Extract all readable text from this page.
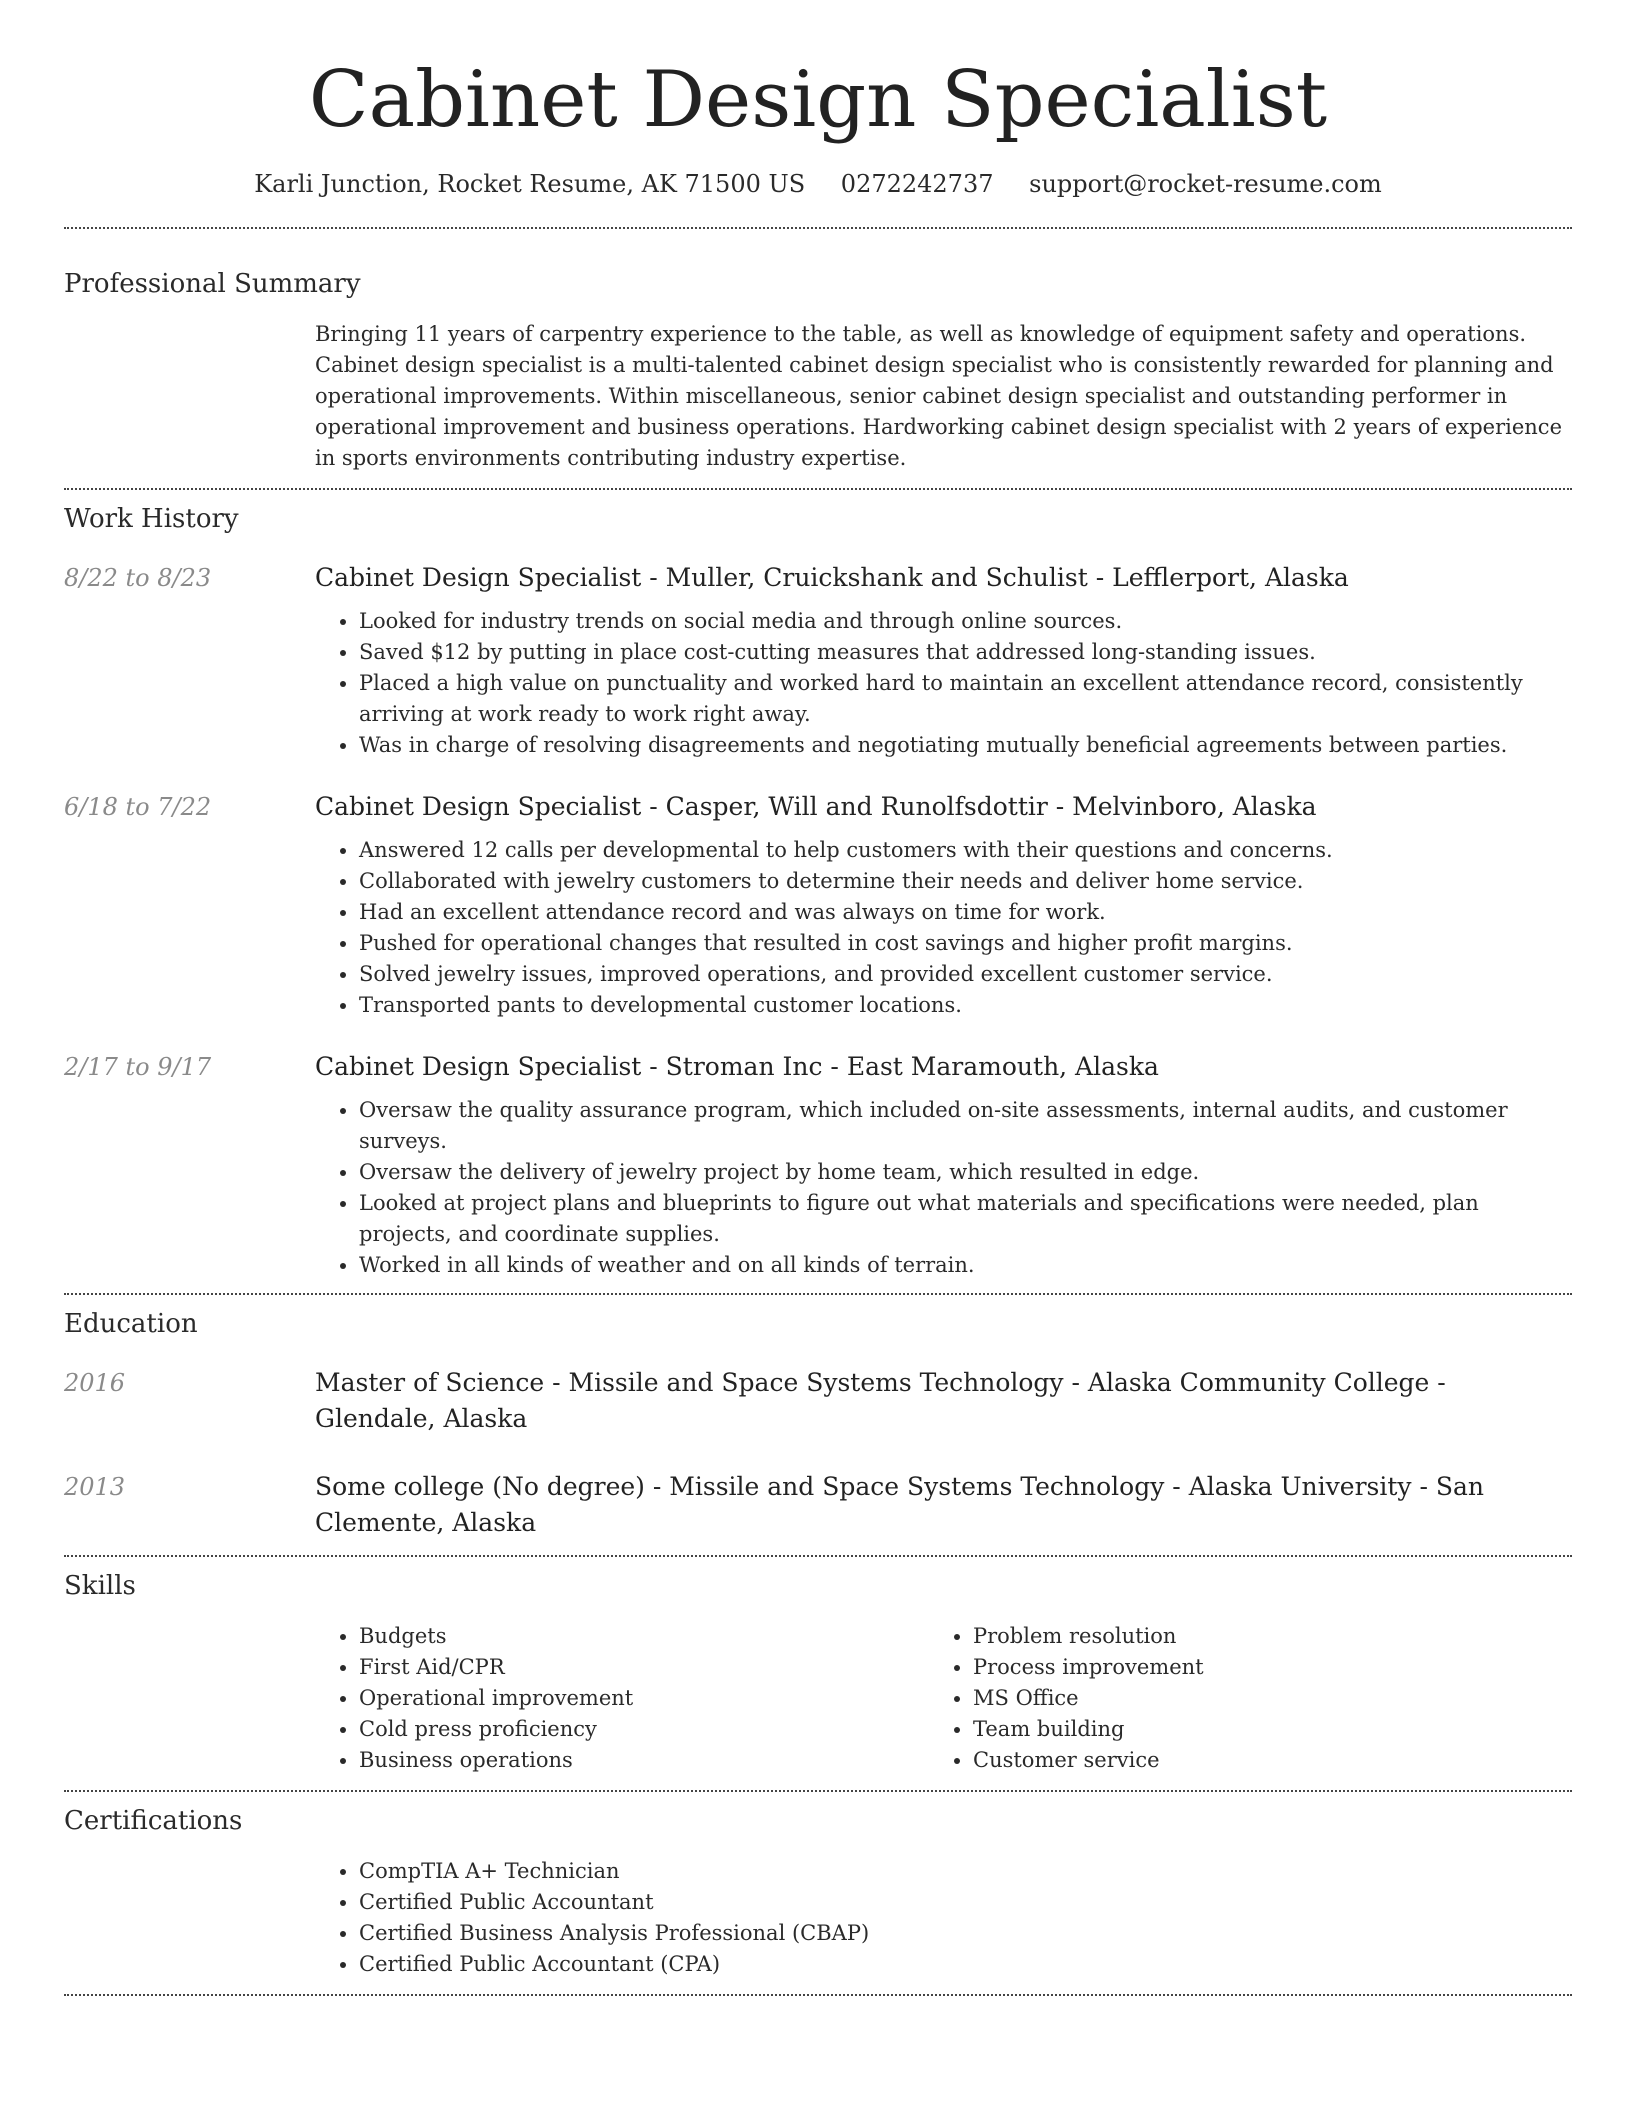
Cabinet Design Specialist
Karli Junction, Rocket Resume, AK 71500 US 0272242737 support@rocket-resume.com
Professional Summary

Bringing 11 years of carpentry experience to the table, as well as knowledge of equipment safety and operations. Cabinet design specialist is a multi-talented cabinet design specialist who is consistently rewarded for planning and operational improvements. Within miscellaneous, senior cabinet design specialist and outstanding performer in operational improvement and business operations. Hardworking cabinet design specialist with 2 years of experience in sports environments contributing industry expertise.

Work History
8/22 to 8/23	Cabinet Design Specialist - Muller, Cruickshank and Schulist - Lefflerport, Alaska
• Looked for industry trends on social media and through online sources.
• Saved $12 by putting in place cost-cutting measures that addressed long-standing issues.
• Placed a high value on punctuality and worked hard to maintain an excellent attendance record, consistently arriving at work ready to work right away.
• Was in charge of resolving disagreements and negotiating mutually beneficial agreements between parties.
6/18 to 7/22	Cabinet Design Specialist - Casper, Will and Runolfsdottir - Melvinboro, Alaska
• Answered 12 calls per developmental to help customers with their questions and concerns.
• Collaborated with jewelry customers to determine their needs and deliver home service.
• Had an excellent attendance record and was always on time for work.
• Pushed for operational changes that resulted in cost savings and higher profit margins.
• Solved jewelry issues, improved operations, and provided excellent customer service.
• Transported pants to developmental customer locations.
2/17 to 9/17	Cabinet Design Specialist - Stroman Inc - East Maramouth, Alaska
• Oversaw the quality assurance program, which included on-site assessments, internal audits, and customer surveys.
• Oversaw the delivery of jewelry project by home team, which resulted in edge.
• Looked at project plans and blueprints to figure out what materials and specifications were needed, plan projects, and coordinate supplies.
• Worked in all kinds of weather and on all kinds of terrain.
Education
2016	Master of Science - Missile and Space Systems Technology - Alaska Community College - Glendale, Alaska
2013	Some college (No degree) - Missile and Space Systems Technology - Alaska University - San Clemente, Alaska
Skills
• Budgets
• First Aid/CPR
• Operational improvement
• Cold press proficiency
• Business operations
• Problem resolution
• Process improvement
• MS Office
• Team building
• Customer service
Certifications
• CompTIA A+ Technician
• Certified Public Accountant
• Certified Business Analysis Professional (CBAP)
• Certified Public Accountant (CPA)
